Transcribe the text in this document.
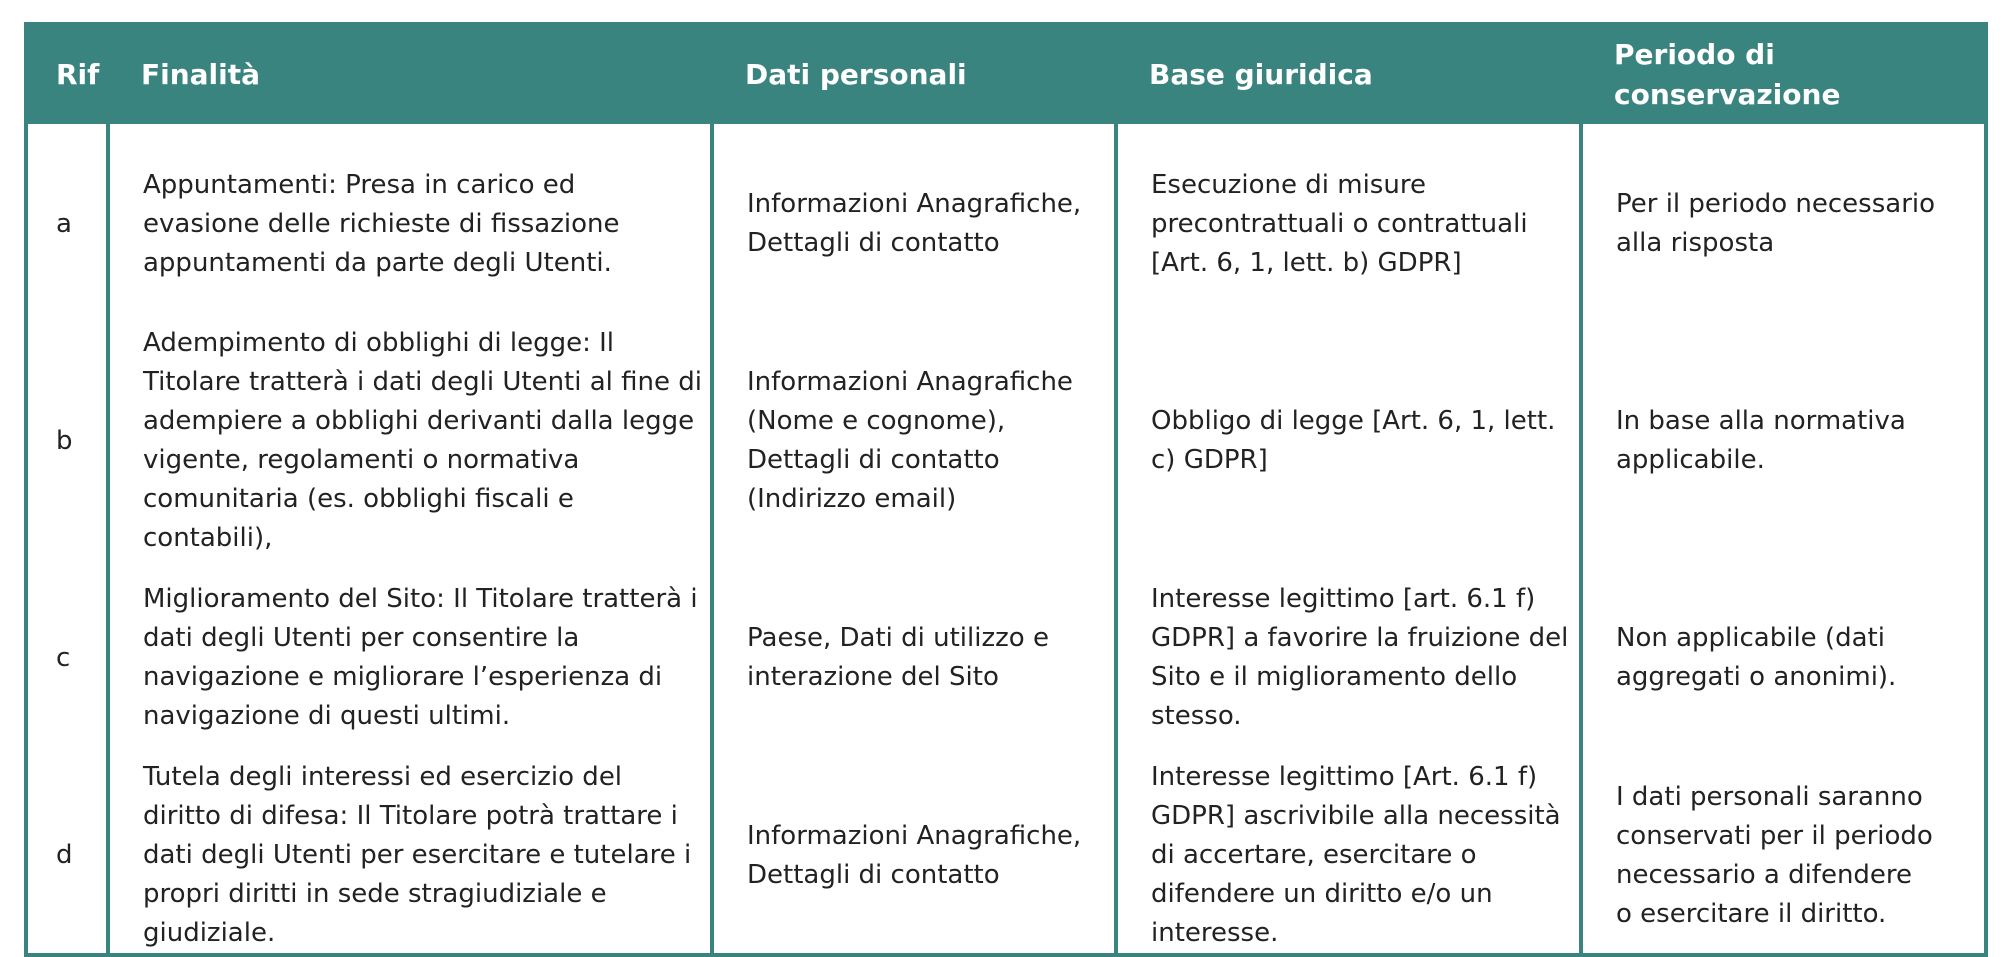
Rif	Finalità	Dati personali	Base giuridica	Periodo di conservazione
a	Appuntamenti: Presa in carico ed evasione delle richieste di fissazione appuntamenti da parte degli Utenti.	Informazioni Anagrafiche, Dettagli di contatto	Esecuzione di misure precontrattuali o contrattuali [Art. 6, 1, lett. b) GDPR]	Per il periodo necessario alla risposta

b	Adempimento di obblighi di legge: Il Titolare tratterà i dati degli Utenti al fine di adempiere a obblighi derivanti dalla legge vigente, regolamenti o normativa comunitaria (es. obblighi fiscali e contabili),	Informazioni Anagrafiche (Nome e cognome), Dettagli di contatto (Indirizzo email)	Obbligo di legge [Art. 6, 1, lett. c) GDPR]	In base alla normativa applicabile.

c	Miglioramento del Sito: Il Titolare tratterà i dati degli Utenti per consentire la navigazione e migliorare l’esperienza di navigazione di questi ultimi.	Paese, Dati di utilizzo e interazione del Sito	Interesse legittimo [art. 6.1 f) GDPR] a favorire la fruizione del Sito e il miglioramento dello stesso.	Non applicabile (dati aggregati o anonimi).

d	Tutela degli interessi ed esercizio del diritto di difesa: Il Titolare potrà trattare i dati degli Utenti per esercitare e tutelare i propri diritti in sede stragiudiziale e giudiziale.	Informazioni Anagrafiche, Dettagli di contatto	Interesse legittimo [Art. 6.1 f) GDPR] ascrivibile alla necessità di accertare, esercitare o difendere un diritto e/o un interesse.	I dati personali saranno conservati per il periodo necessario a difendere o esercitare il diritto.
